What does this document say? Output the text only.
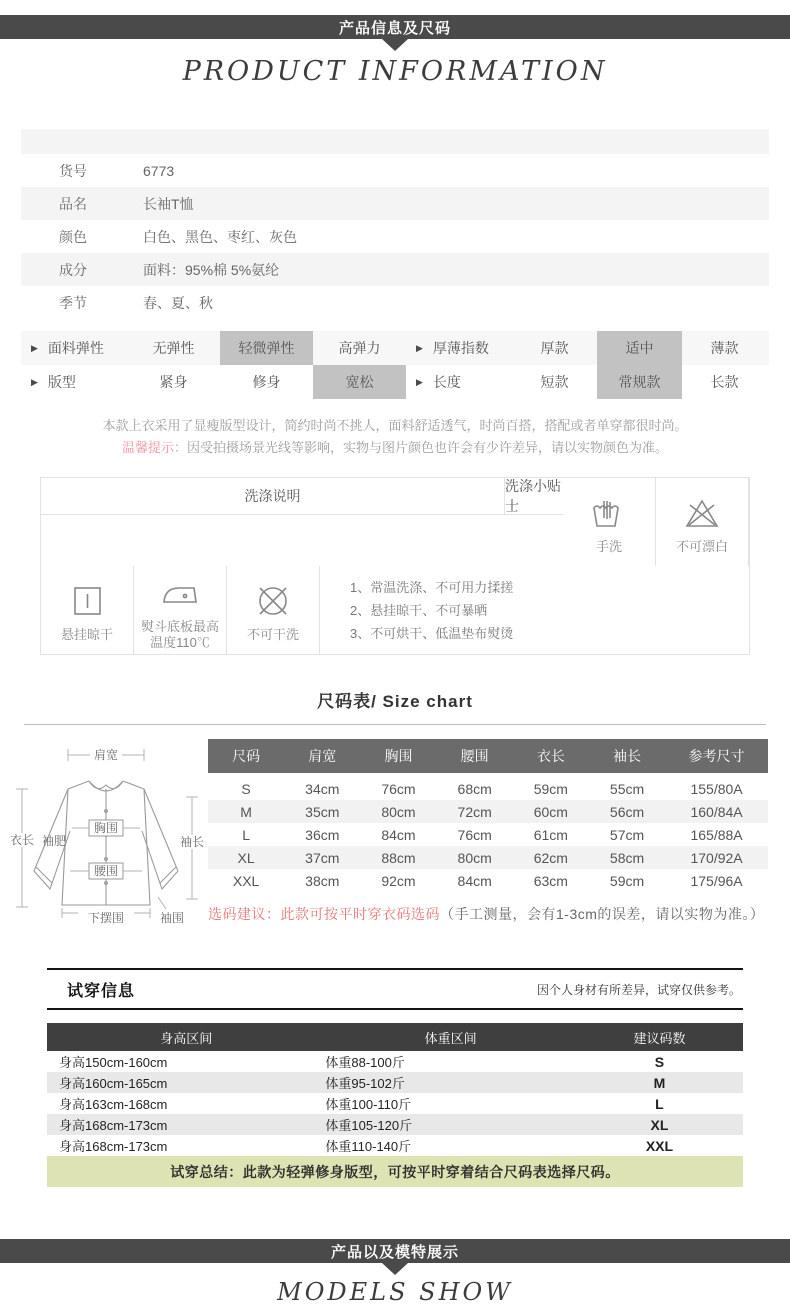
产品信息及尺码
PRODUCT INFORMATION
货号	6773
品名	长袖T恤
颜色	白色、黑色、枣红、灰色
成分	面料：95%棉 5%氨纶
季节	春、夏、秋
▶ 面料弹性	无弹性	轻微弹性	高弹力	▶ 厚薄指数	厚款	适中	薄款
▶ 版型	紧身	修身	宽松	▶ 长度	短款	常规款	长款
本款上衣采用了显瘦版型设计，简约时尚不挑人，面料舒适透气，时尚百搭，搭配或者单穿都很时尚。
温馨提示：因受拍摄场景光线等影响，实物与图片颜色也许会有少许差异，请以实物颜色为准。
洗涤说明
洗涤小贴士
手洗	不可漂白
悬挂晾干
熨斗底板最高温度110℃
不可干洗
1、常温洗涤、不可用力揉搓
2、悬挂晾干、不可暴晒
3、不可烘干、低温垫布熨烫
尺码表/ Size chart
肩宽
衣长	袖长
胸围
腰围
袖肥
下摆围	袖围
尺码	肩宽	胸围	腰围	衣长	袖长	参考尺寸
S	34cm	76cm	68cm	59cm	55cm	155/80A
M	35cm	80cm	72cm	60cm	56cm	160/84A
L	36cm	84cm	76cm	61cm	57cm	165/88A
XL	37cm	88cm	80cm	62cm	58cm	170/92A
XXL	38cm	92cm	84cm	63cm	59cm	175/96A
选码建议：此款可按平时穿衣码选码（手工测量，会有1-3cm的误差，请以实物为准。）
试穿信息	因个人身材有所差异，试穿仅供参考。
身高区间	体重区间	建议码数
身高150cm-160cm	体重88-100斤	S
身高160cm-165cm	体重95-102斤	M
身高163cm-168cm	体重100-110斤	L
身高168cm-173cm	体重105-120斤	XL
身高168cm-173cm	体重110-140斤	XXL
试穿总结：此款为轻弹修身版型，可按平时穿着结合尺码表选择尺码。
产品以及模特展示
MODELS SHOW
